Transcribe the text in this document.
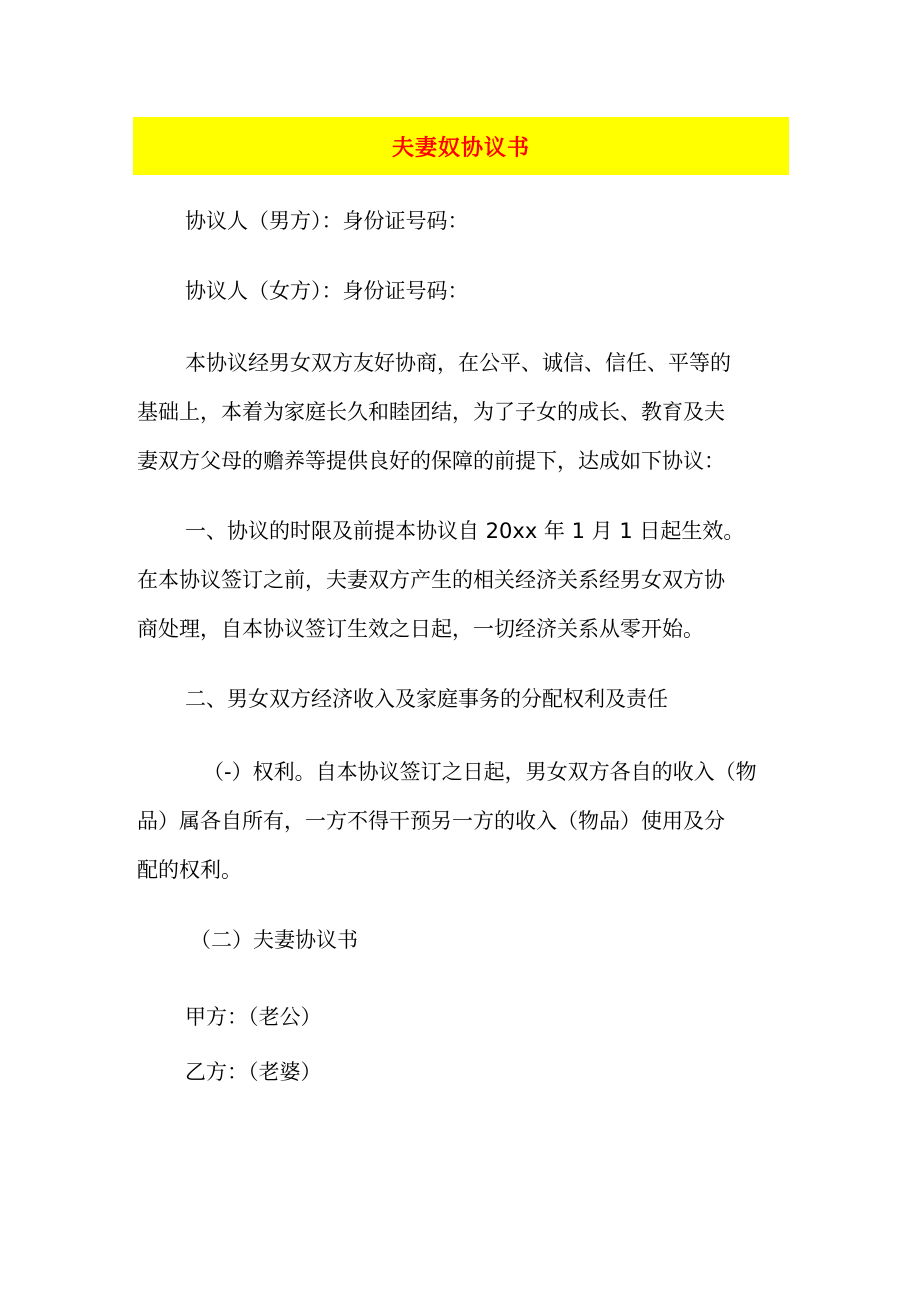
夫妻奴协议书
协议人（男方）：身份证号码：
协议人（女方）：身份证号码：
本协议经男女双方友好协商，在公平、诚信、信任、平等的
基础上，本着为家庭长久和睦团结，为了子女的成长、教育及夫
妻双方父母的赡养等提供良好的保障的前提下，达成如下协议：
一、协议的时限及前提本协议自 20xx 年 1 月 1 日起生效。
在本协议签订之前，夫妻双方产生的相关经济关系经男女双方协
商处理，自本协议签订生效之日起，一切经济关系从零开始。
二、男女双方经济收入及家庭事务的分配权利及责任
（-）权利。自本协议签订之日起，男女双方各自的收入（物
品）属各自所有，一方不得干预另一方的收入（物品）使用及分
配的权利。
（二）夫妻协议书
甲方：（老公）
乙方：（老婆）
